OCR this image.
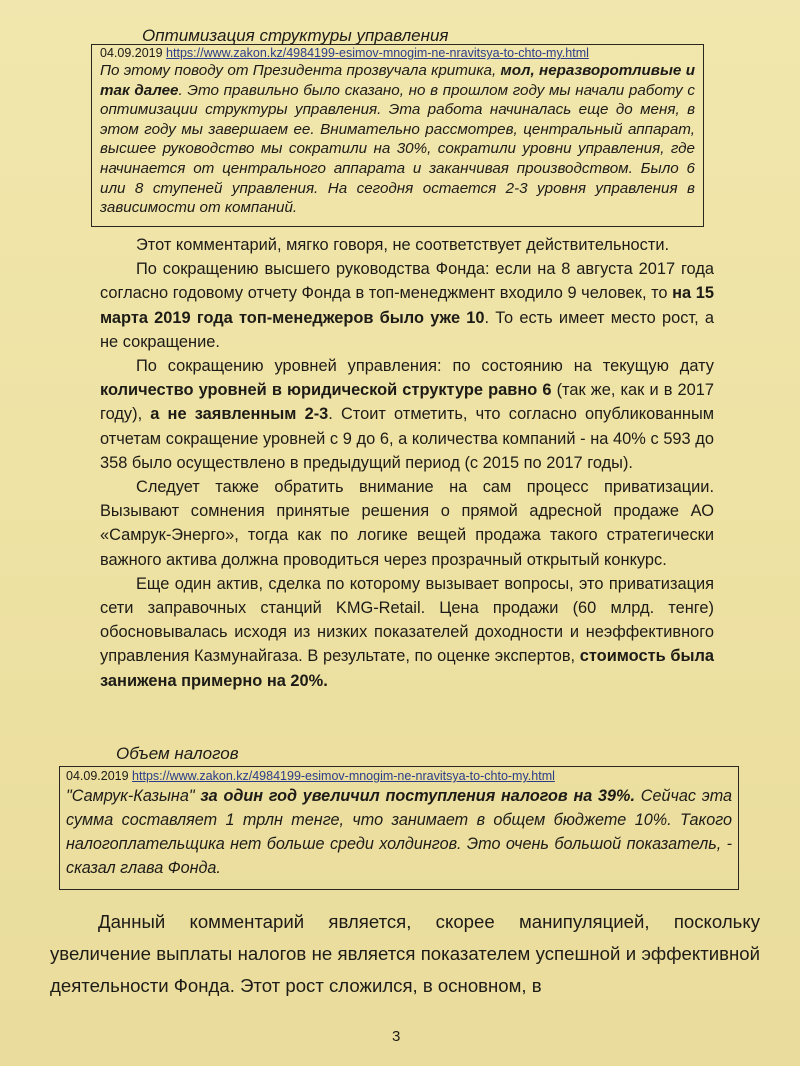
Оптимизация структуры управления
04.09.2019 https://www.zakon.kz/4984199-esimov-mnogim-ne-nravitsya-to-chto-my.html

По этому поводу от Президента прозвучала критика, мол, неразворотливые и так далее. Это правильно было сказано, но в прошлом году мы начали работу с оптимизации структуры управления. Эта работа начиналась еще до меня, в этом году мы завершаем ее. Внимательно рассмотрев, центральный аппарат, высшее руководство мы сократили на 30%, сократили уровни управления, где начинается от центрального аппарата и заканчивая производством. Было 6 или 8 ступеней управления. На сегодня остается 2-3 уровня управления в зависимости от компаний.

Этот комментарий, мягко говоря, не соответствует действительности.

По сокращению высшего руководства Фонда: если на 8 августа 2017 года согласно годовому отчету Фонда в топ-менеджмент входило 9 человек, то на 15 марта 2019 года топ-менеджеров было уже 10. То есть имеет место рост, а не сокращение.

По сокращению уровней управления: по состоянию на текущую дату количество уровней в юридической структуре равно 6 (так же, как и в 2017 году), а не заявленным 2-3. Стоит отметить, что согласно опубликованным отчетам сокращение уровней с 9 до 6, а количества компаний - на 40% с 593 до 358 было осуществлено в предыдущий период (с 2015 по 2017 годы).

Следует также обратить внимание на сам процесс приватизации. Вызывают сомнения принятые решения о прямой адресной продаже АО «Самрук-Энерго», тогда как по логике вещей продажа такого стратегически важного актива должна проводиться через прозрачный открытый конкурс.

Еще один актив, сделка по которому вызывает вопросы, это приватизация сети заправочных станций KMG-Retail. Цена продажи (60 млрд. тенге) обосновывалась исходя из низких показателей доходности и неэффективного управления Казмунайгаза. В результате, по оценке экспертов, стоимость была занижена примерно на 20%.

Объем налогов
04.09.2019 https://www.zakon.kz/4984199-esimov-mnogim-ne-nravitsya-to-chto-my.html

"Самрук-Казына" за один год увеличил поступления налогов на 39%. Сейчас эта сумма составляет 1 трлн тенге, что занимает в общем бюджете 10%. Такого налогоплательщика нет больше среди холдингов. Это очень большой показатель, - сказал глава Фонда.

Данный комментарий является, скорее манипуляцией, поскольку увеличение выплаты налогов не является показателем успешной и эффективной деятельности Фонда. Этот рост сложился, в основном, в

3
